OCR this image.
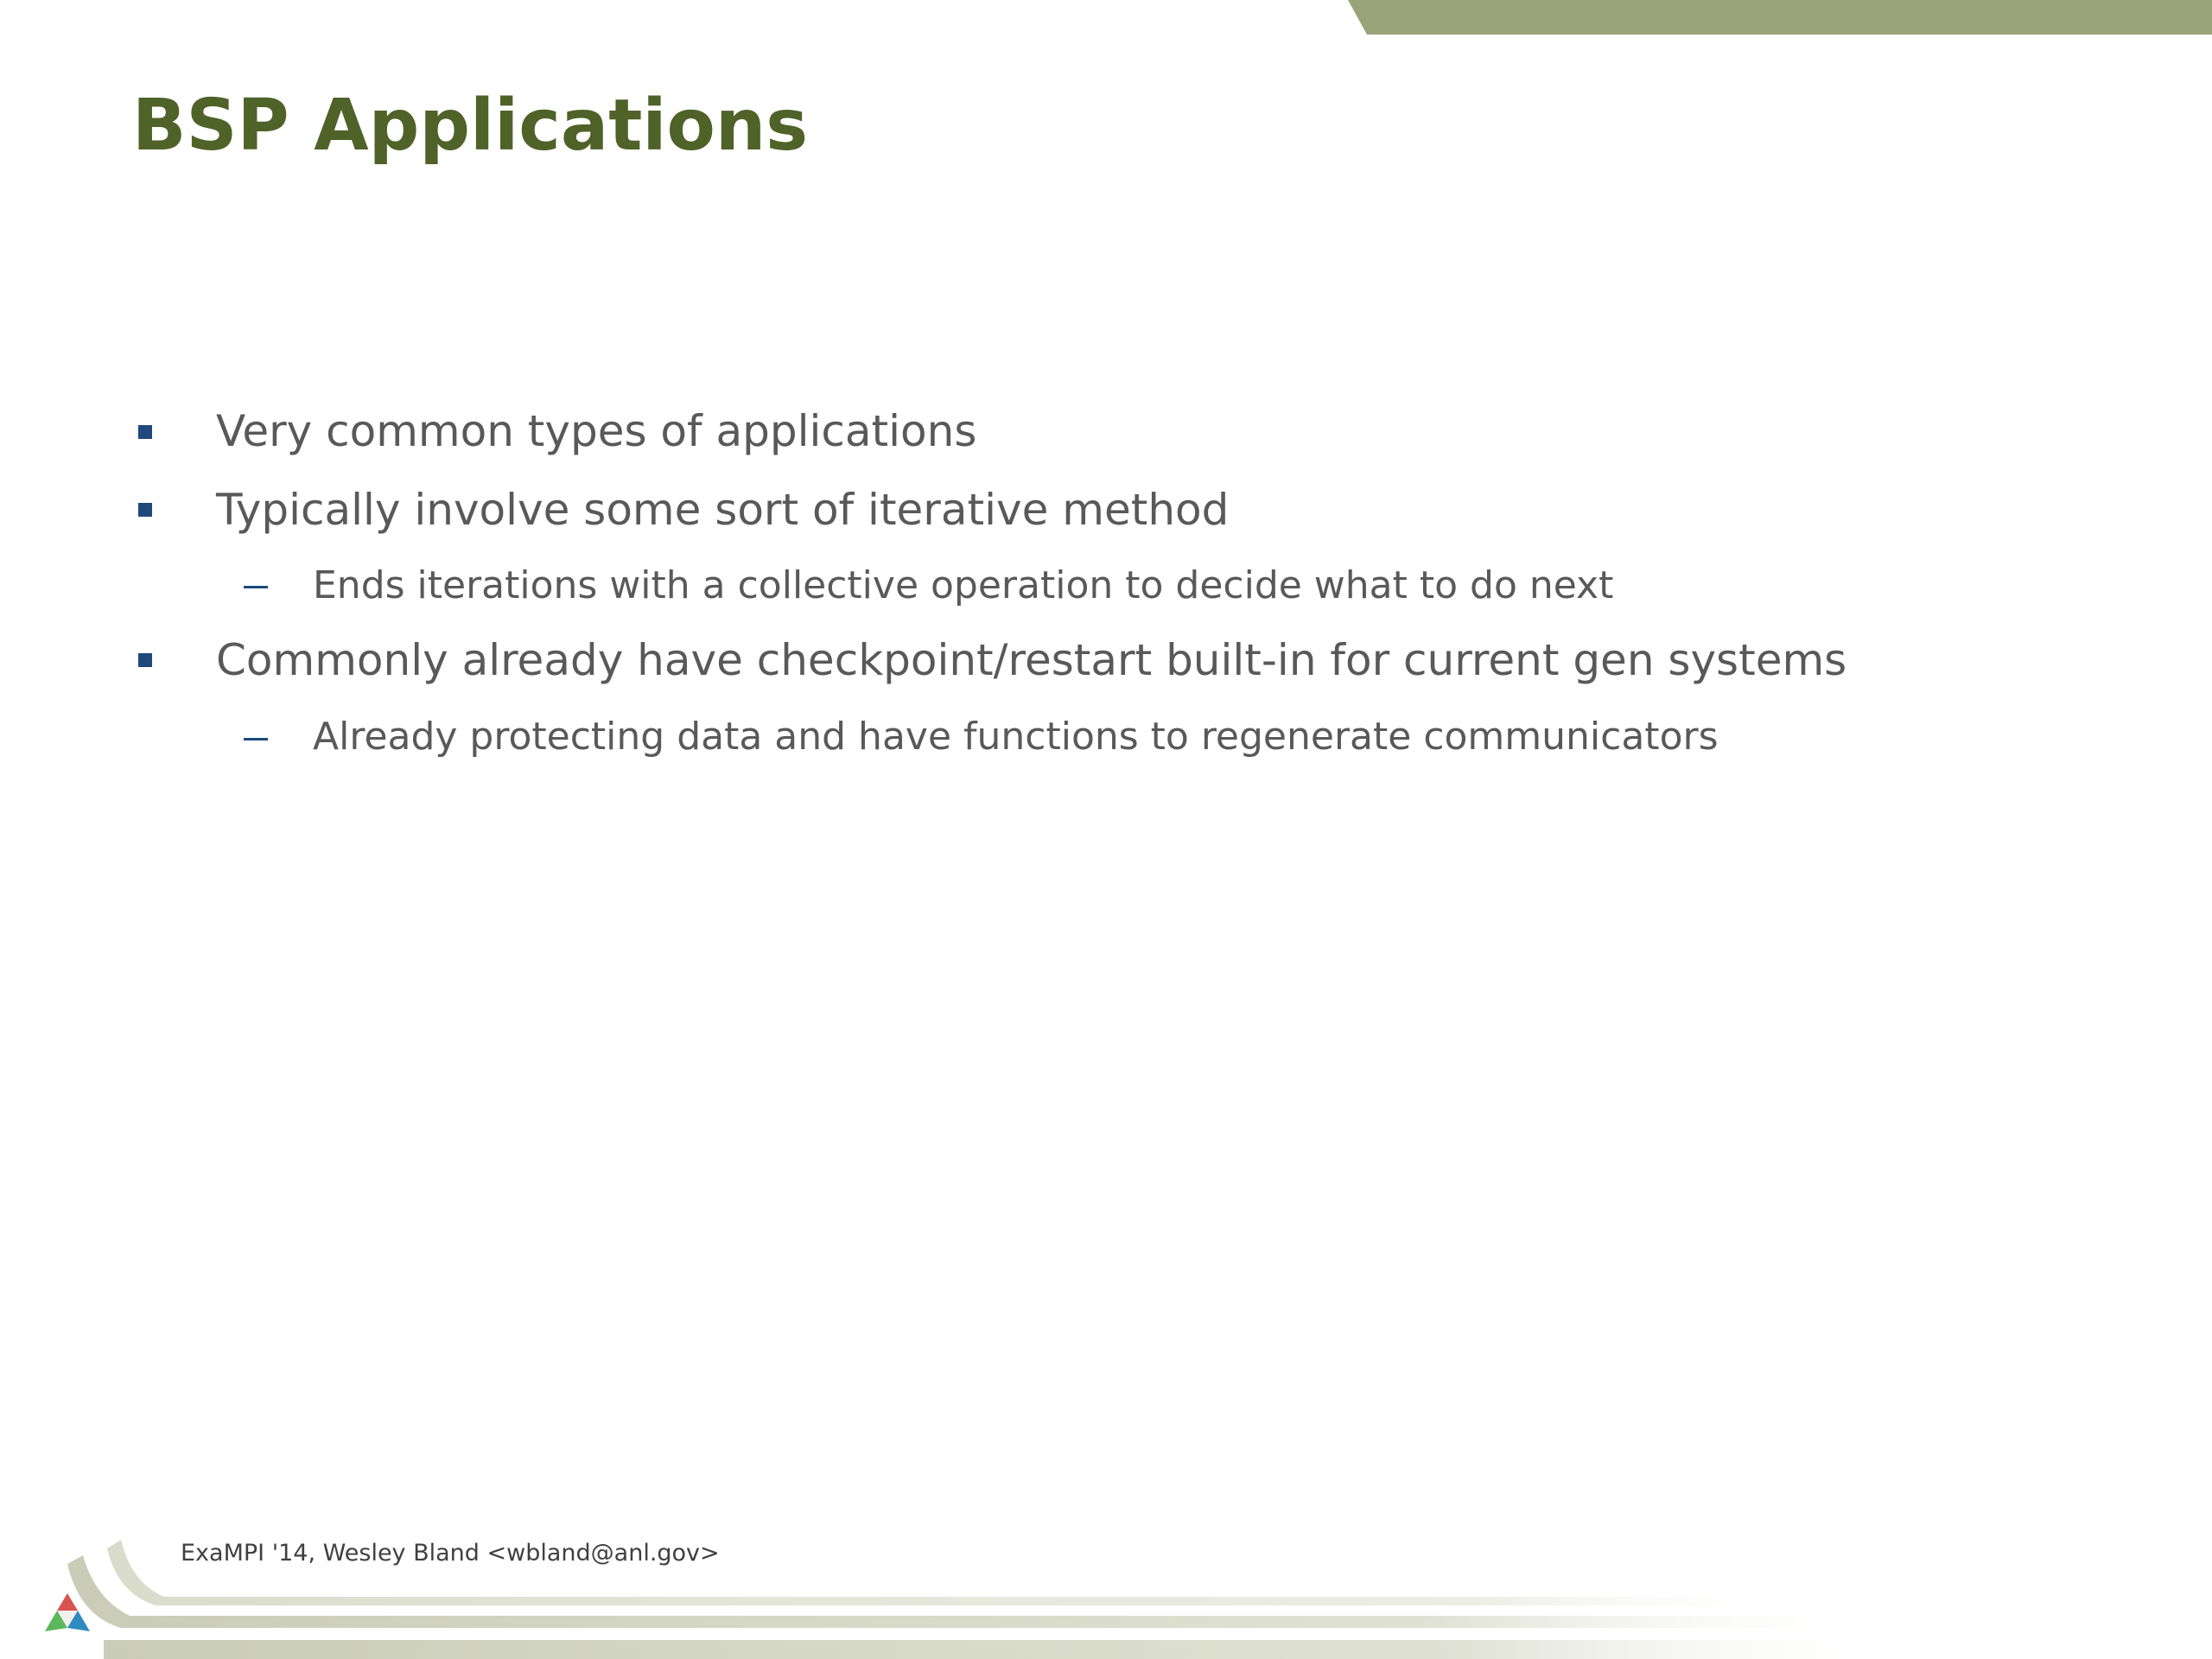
BSP Applications
Very common types of applications
Typically involve some sort of iterative method
Ends iterations with a collective operation to decide what to do next
Commonly already have checkpoint/restart built-in for current gen systems
Already protecting data and have functions to regenerate communicators
ExaMPI '14, Wesley Bland <wbland@anl.gov>
